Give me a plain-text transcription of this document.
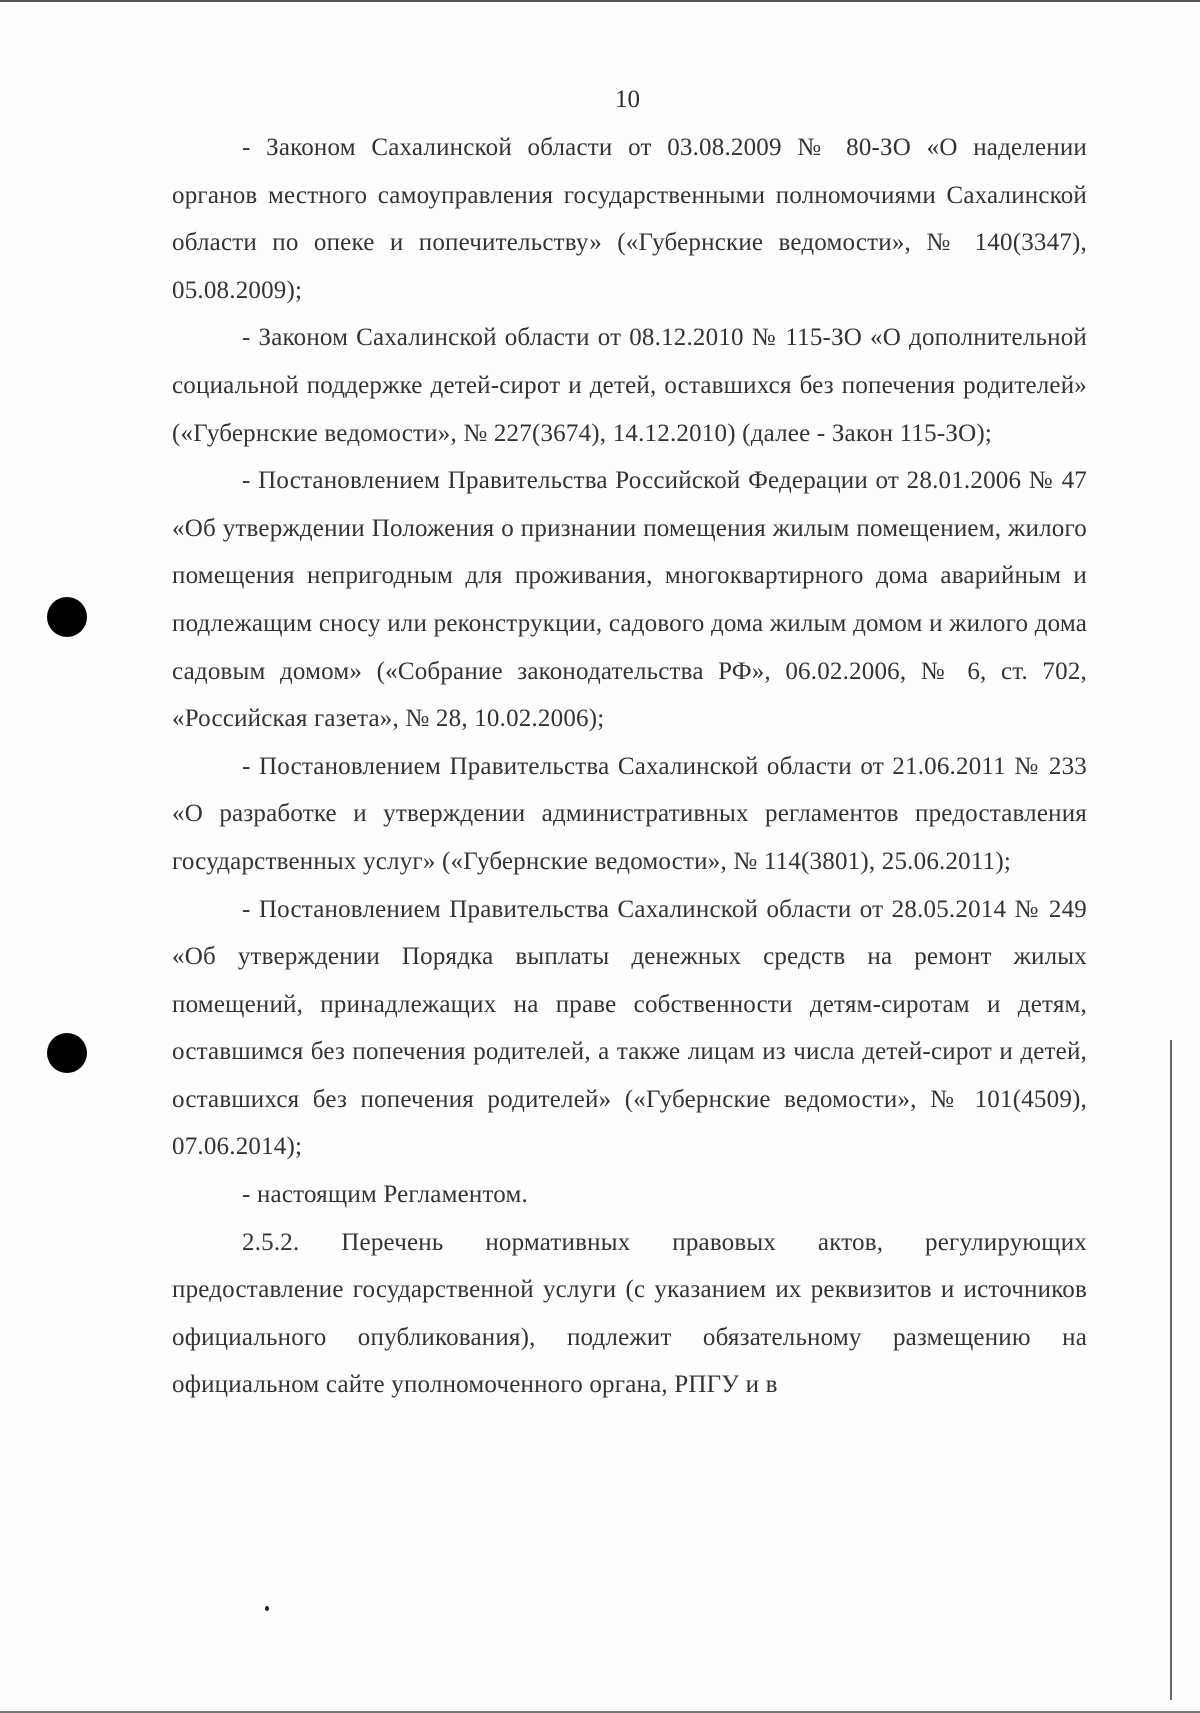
10

- Законом Сахалинской области от 03.08.2009 № 80-ЗО «О наделении органов местного самоуправления государственными полномочиями Сахалинской области по опеке и попечительству» («Губернские ведомости», № 140(3347), 05.08.2009);

- Законом Сахалинской области от 08.12.2010 № 115-ЗО «О дополнительной социальной поддержке детей-сирот и детей, оставшихся без попечения родителей» («Губернские ведомости», № 227(3674), 14.12.2010) (далее - Закон 115-ЗО);

- Постановлением Правительства Российской Федерации от 28.01.2006 № 47 «Об утверждении Положения о признании помещения жилым помещением, жилого помещения непригодным для проживания, многоквартирного дома аварийным и подлежащим сносу или реконструкции, садового дома жилым домом и жилого дома садовым домом» («Собрание законодательства РФ», 06.02.2006, № 6, ст. 702, «Российская газета», № 28, 10.02.2006);

- Постановлением Правительства Сахалинской области от 21.06.2011 № 233 «О разработке и утверждении административных регламентов предоставления государственных услуг» («Губернские ведомости», № 114(3801), 25.06.2011);

- Постановлением Правительства Сахалинской области от 28.05.2014 № 249 «Об утверждении Порядка выплаты денежных средств на ремонт жилых помещений, принадлежащих на праве собственности детям-сиротам и детям, оставшимся без попечения родителей, а также лицам из числа детей-сирот и детей, оставшихся без попечения родителей» («Губернские ведомости», № 101(4509), 07.06.2014);

- настоящим Регламентом.

2.5.2. Перечень нормативных правовых актов, регулирующих предоставление государственной услуги (с указанием их реквизитов и источников официального опубликования), подлежит обязательному размещению на официальном сайте уполномоченного органа, РПГУ и в
